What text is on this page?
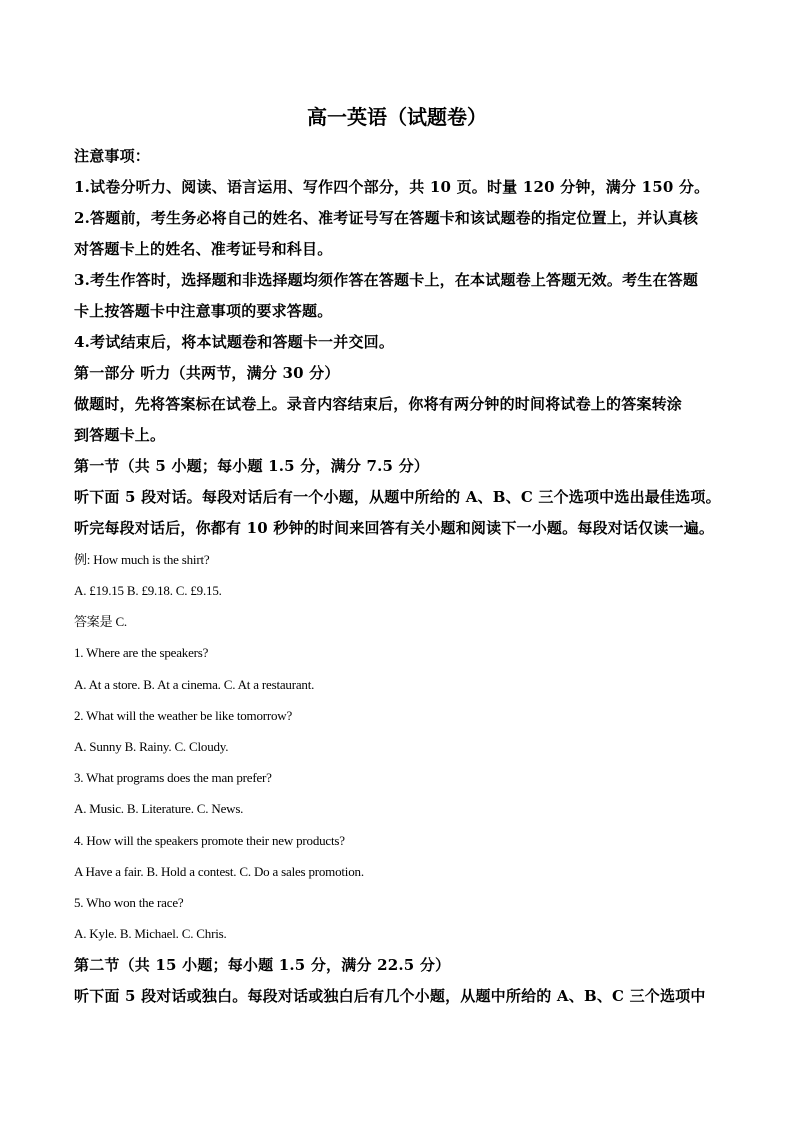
高一英语（试题卷）
注意事项：
1.试卷分听力、阅读、语言运用、写作四个部分，共 10 页。时量 120 分钟，满分 150 分。
2.答题前，考生务必将自己的姓名、准考证号写在答题卡和该试题卷的指定位置上，并认真核
对答题卡上的姓名、准考证号和科目。
3.考生作答时，选择题和非选择题均须作答在答题卡上，在本试题卷上答题无效。考生在答题
卡上按答题卡中注意事项的要求答题。
4.考试结束后，将本试题卷和答题卡一并交回。
第一部分 听力（共两节，满分 30 分）
做题时，先将答案标在试卷上。录音内容结束后，你将有两分钟的时间将试卷上的答案转涂
到答题卡上。
第一节（共 5 小题；每小题 1.5 分，满分 7.5 分）
听下面 5 段对话。每段对话后有一个小题，从题中所给的 A、B、C 三个选项中选出最佳选项。
听完每段对话后，你都有 10 秒钟的时间来回答有关小题和阅读下一小题。每段对话仅读一遍。
例: How much is the shirt?
A. £19.15 B. £9.18. C. £9.15.
答案是 C.
1. Where are the speakers?
A. At a store. B. At a cinema. C. At a restaurant.
2. What will the weather be like tomorrow?
A. Sunny B. Rainy. C. Cloudy.
3. What programs does the man prefer?
A. Music. B. Literature. C. News.
4. How will the speakers promote their new products?
A Have a fair. B. Hold a contest. C. Do a sales promotion.
5. Who won the race?
A. Kyle. B. Michael. C. Chris.
第二节（共 15 小题；每小题 1.5 分，满分 22.5 分）
听下面 5 段对话或独白。每段对话或独白后有几个小题，从题中所给的 A、B、C 三个选项中
